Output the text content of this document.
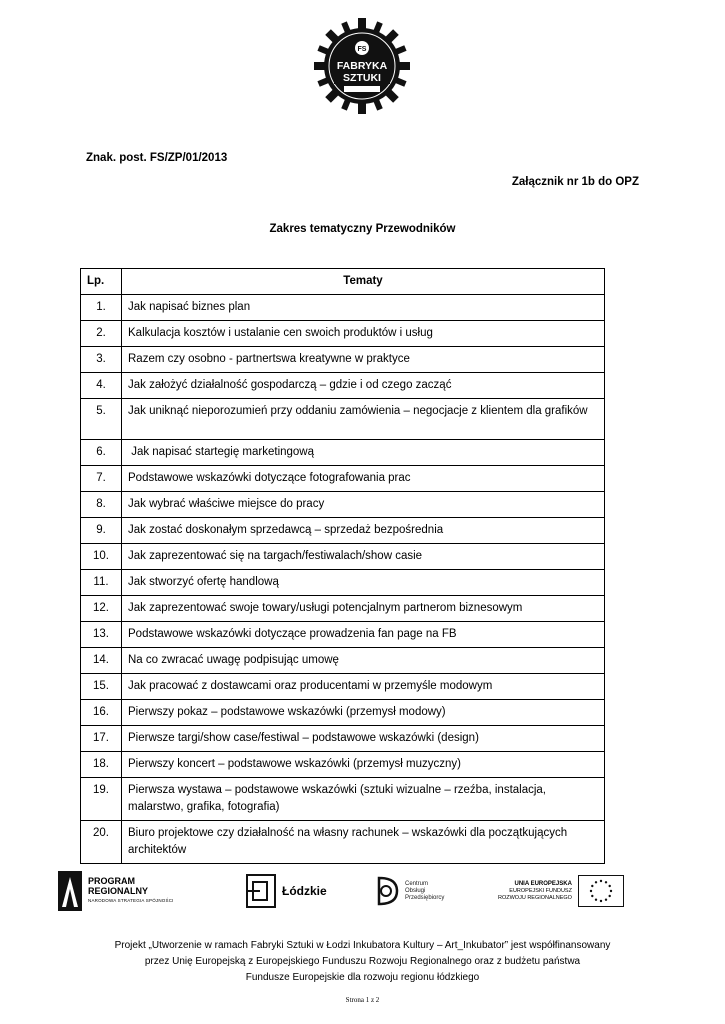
FS
FABRYKA
SZTUKI
Znak. post. FS/ZP/01/2013
Załącznik nr 1b do OPZ
Zakres tematyczny Przewodników
Lp.	Tematy
1.	Jak napisać biznes plan
2.	Kalkulacja kosztów i ustalanie cen swoich produktów i usług
3.	Razem czy osobno - partnertswa kreatywne w praktyce
4.	Jak założyć działalność gospodarczą – gdzie i od czego zacząć
5.	Jak uniknąć nieporozumień przy oddaniu zamówienia – negocjacje z klientem dla grafików
6.	Jak napisać startegię marketingową
7.	Podstawowe wskazówki dotyczące fotografowania prac
8.	Jak wybrać właściwe miejsce do pracy
9.	Jak zostać doskonałym sprzedawcą – sprzedaż bezpośrednia
10.	Jak zaprezentować się na targach/festiwalach/show casie
11.	Jak stworzyć ofertę handlową
12.	Jak zaprezentować swoje towary/usługi potencjalnym partnerom biznesowym
13.	Podstawowe wskazówki dotyczące prowadzenia fan page na FB
14.	Na co zwracać uwagę podpisując umowę
15.	Jak pracować z dostawcami oraz producentami w przemyśle modowym
16.	Pierwszy pokaz – podstawowe wskazówki (przemysł modowy)
17.	Pierwsze targi/show case/festiwal – podstawowe wskazówki (design)
18.	Pierwszy koncert – podstawowe wskazówki (przemysł muzyczny)
19.	Pierwsza wystawa – podstawowe wskazówki (sztuki wizualne – rzeźba, instalacja, malarstwo, grafika, fotografia)
20.	Biuro projektowe czy działalność na własny rachunek – wskazówki dla początkujących architektów
PROGRAM
REGIONALNY
NARODOWA STRATEGIA SPÓJNOŚCI
Łódzkie
Centrum
Obsługi
Przedsiębiorcy
UNIA EUROPEJSKA
EUROPEJSKI FUNDUSZ
ROZWOJU REGIONALNEGO
Projekt „Utworzenie w ramach Fabryki Sztuki w Łodzi Inkubatora Kultury – Art_Inkubator” jest współfinansowany
przez Unię Europejską z Europejskiego Funduszu Rozwoju Regionalnego oraz z budżetu państwa
Fundusze Europejskie dla rozwoju regionu łódzkiego
Strona 1 z 2
